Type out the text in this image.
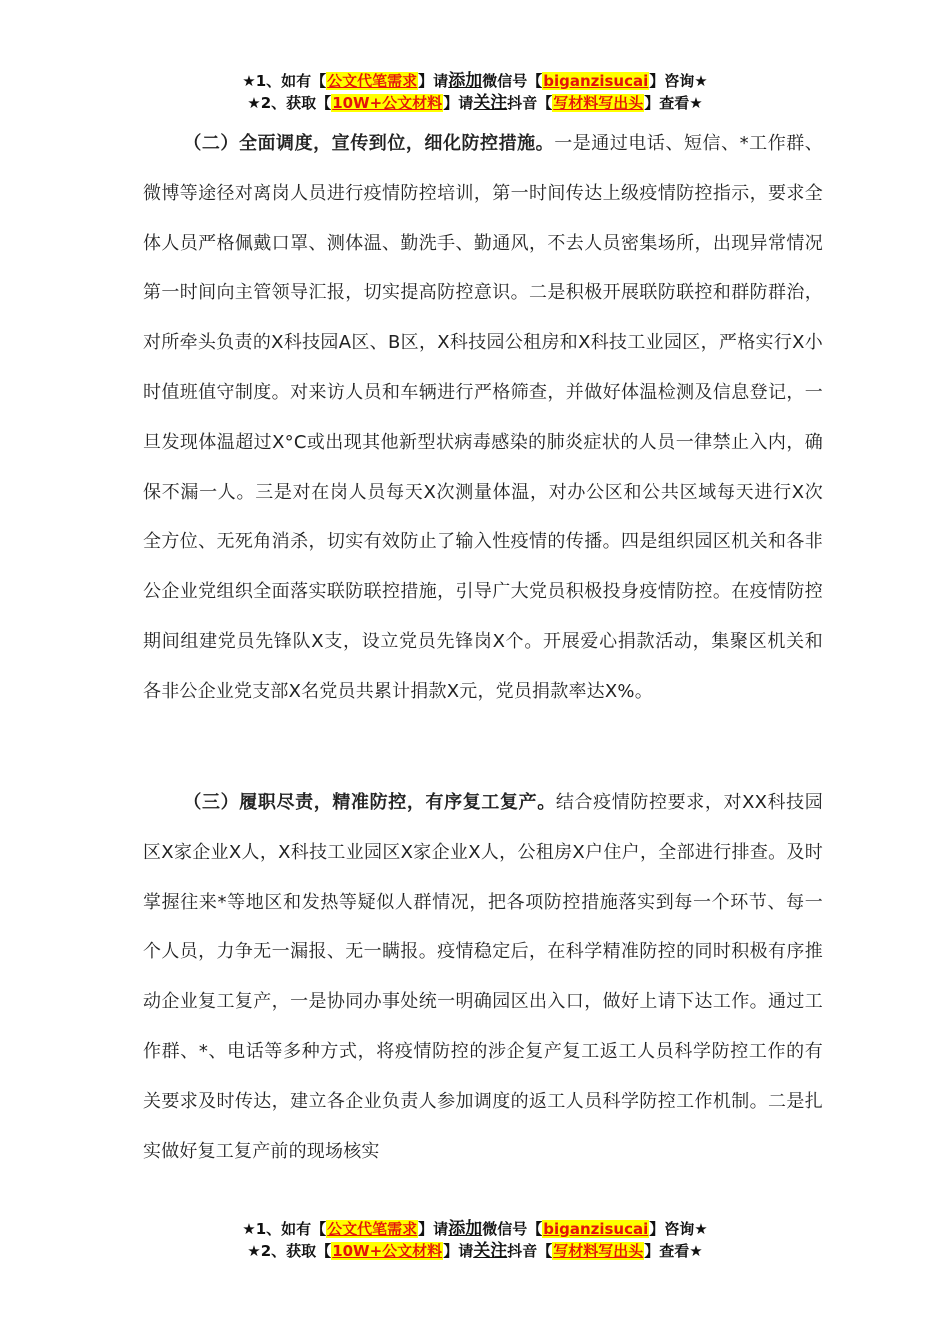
★1、如有【公文代笔需求】请添加微信号【biganzisucai】咨询★
★2、获取【10W+公文材料】请关注抖音【写材料写出头】查看★

（二）全面调度，宣传到位，细化防控措施。一是通过电话、短信、*工作群、微博等途径对离岗人员进行疫情防控培训，第一时间传达上级疫情防控指示，要求全体人员严格佩戴口罩、测体温、勤洗手、勤通风，不去人员密集场所，出现异常情况第一时间向主管领导汇报，切实提高防控意识。二是积极开展联防联控和群防群治，对所牵头负责的X科技园A区、B区，X科技园公租房和X科技工业园区，严格实行X小时值班值守制度。对来访人员和车辆进行严格筛查，并做好体温检测及信息登记，一旦发现体温超过X°C或出现其他新型状病毒感染的肺炎症状的人员一律禁止入内，确保不漏一人。三是对在岗人员每天X次测量体温，对办公区和公共区域每天进行X次全方位、无死角消杀，切实有效防止了输入性疫情的传播。四是组织园区机关和各非公企业党组织全面落实联防联控措施，引导广大党员积极投身疫情防控。在疫情防控期间组建党员先锋队X支，设立党员先锋岗X个。开展爱心捐款活动，集聚区机关和各非公企业党支部X名党员共累计捐款X元，党员捐款率达X%。

（三）履职尽责，精准防控，有序复工复产。结合疫情防控要求，对XX科技园区X家企业X人，X科技工业园区X家企业X人，公租房X户住户，全部进行排查。及时掌握往来*等地区和发热等疑似人群情况，把各项防控措施落实到每一个环节、每一个人员，力争无一漏报、无一瞒报。疫情稳定后，在科学精准防控的同时积极有序推动企业复工复产，一是协同办事处统一明确园区出入口，做好上请下达工作。通过工作群、*、电话等多种方式，将疫情防控的涉企复产复工返工人员科学防控工作的有关要求及时传达，建立各企业负责人参加调度的返工人员科学防控工作机制。二是扎实做好复工复产前的现场核实

★1、如有【公文代笔需求】请添加微信号【biganzisucai】咨询★
★2、获取【10W+公文材料】请关注抖音【写材料写出头】查看★
